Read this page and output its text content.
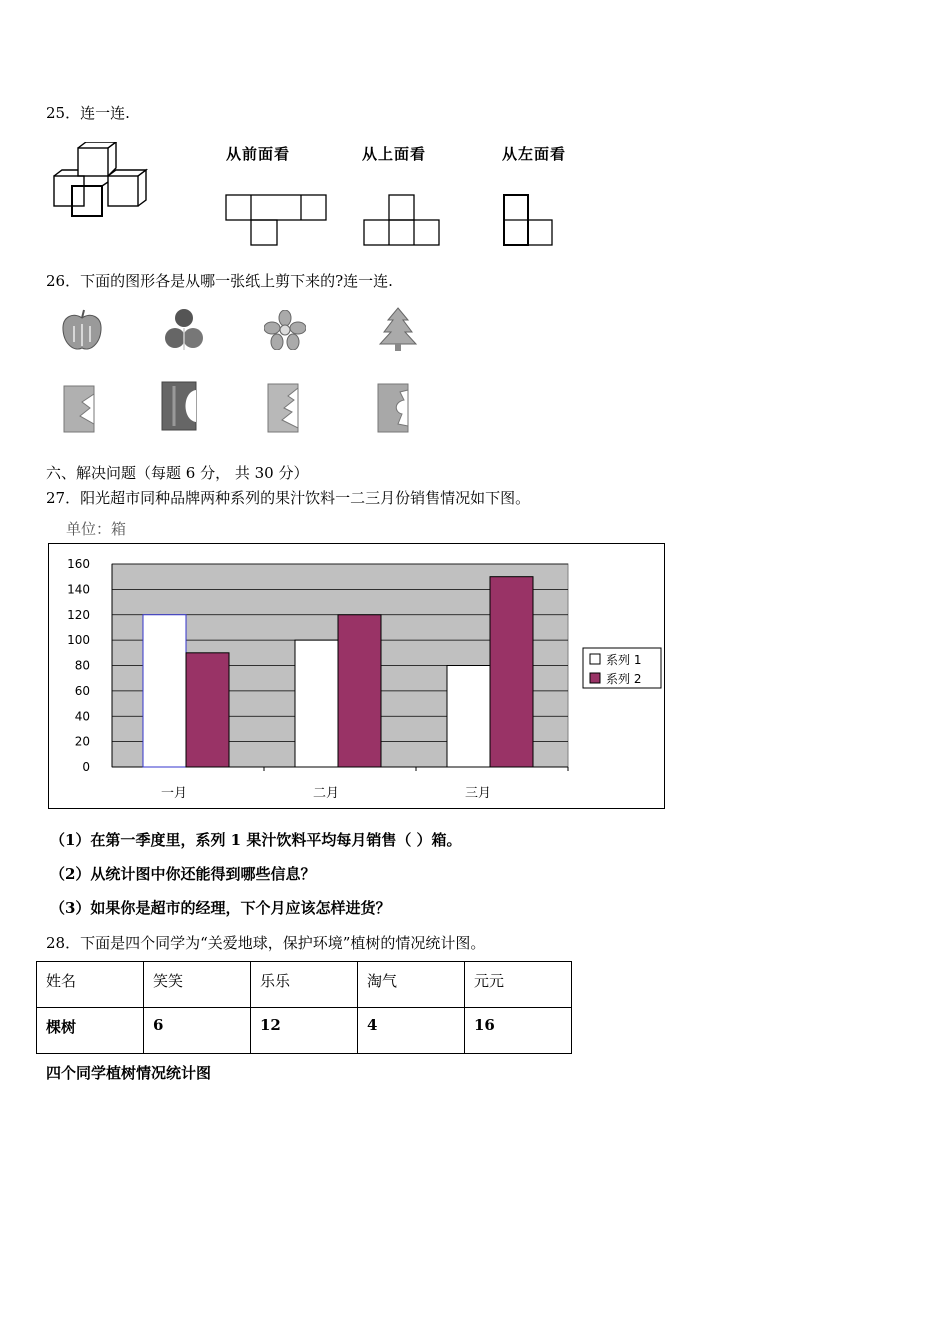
25．连一连.
从前面看	从上面看	从左面看
26．下面的图形各是从哪一张纸上剪下来的?连一连.
六、解决问题（每题 6 分， 共 30 分）
27．阳光超市同种品牌两种系列的果汁饮料一二三月份销售情况如下图。
单位：箱
0
20
40
60
80
100
120
140
160
一月	二月	三月
系列 1
系列 2
（1）在第一季度里，系列 1 果汁饮料平均每月销售（ ）箱。
（2）从统计图中你还能得到哪些信息？
（3）如果你是超市的经理，下个月应该怎样进货？
28．下面是四个同学为“关爱地球，保护环境”植树的情况统计图。
姓名	笑笑	乐乐	淘气	元元
棵树	6	12	4	16
四个同学植树情况统计图
